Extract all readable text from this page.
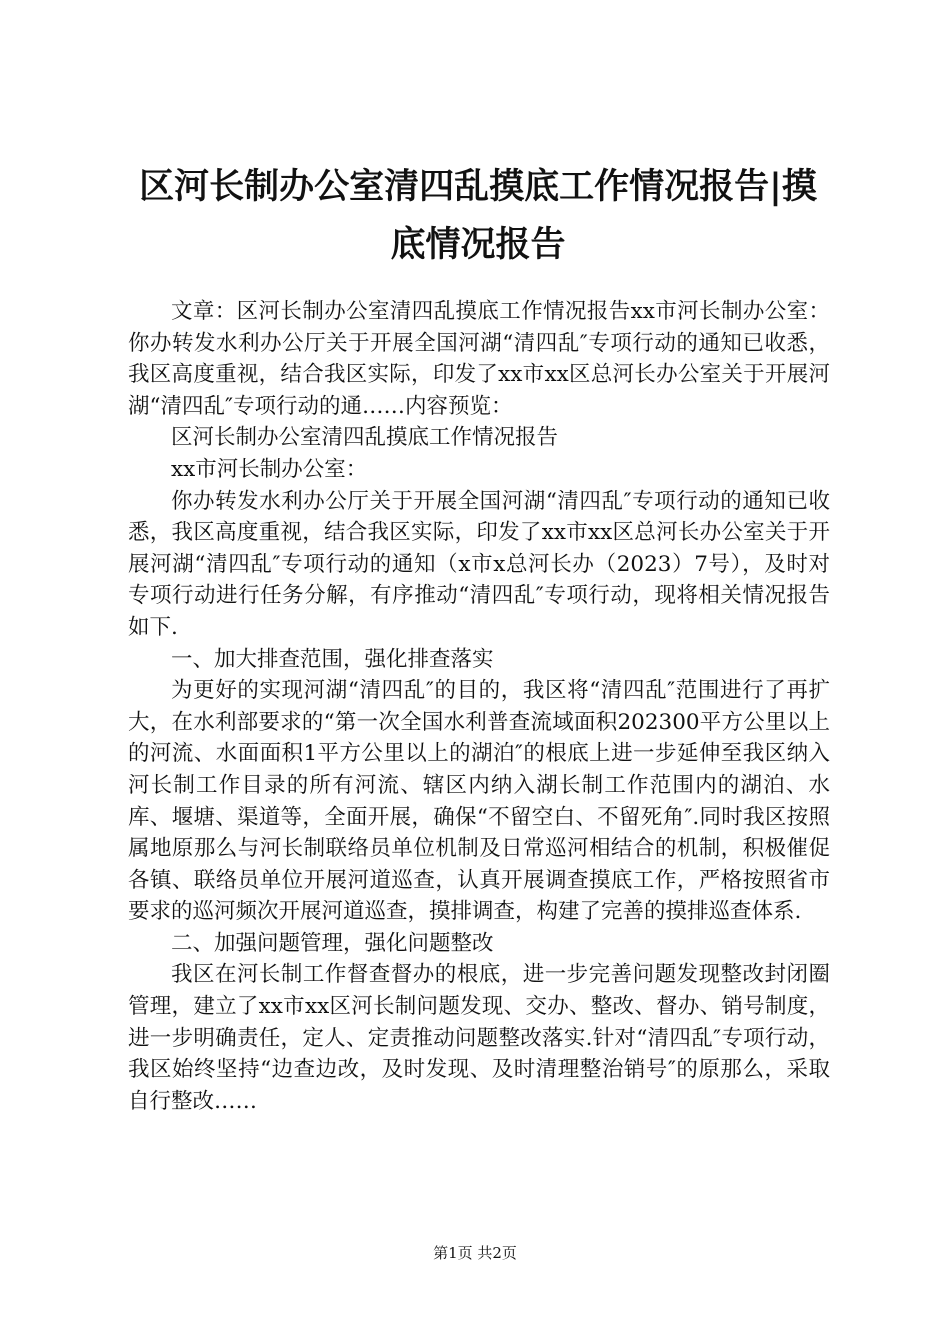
区河长制办公室清四乱摸底工作情况报告|摸底情况报告

文章：区河长制办公室清四乱摸底工作情况报告xx市河长制办公室：你办转发水利办公厅关于开展全国河湖“清四乱″专项行动的通知已收悉，我区高度重视，结合我区实际，印发了xx市xx区总河长办公室关于开展河湖“清四乱″专项行动的通……内容预览：

区河长制办公室清四乱摸底工作情况报告

xx市河长制办公室：

你办转发水利办公厅关于开展全国河湖“清四乱″专项行动的通知已收悉，我区高度重视，结合我区实际，印发了xx市xx区总河长办公室关于开展河湖“清四乱″专项行动的通知（x市x总河长办（2023）7号），及时对专项行动进行任务分解，有序推动“清四乱″专项行动，现将相关情况报告如下.

一、加大排查范围，强化排查落实

为更好的实现河湖“清四乱″的目的，我区将“清四乱″范围进行了再扩大，在水利部要求的“第一次全国水利普查流域面积202300平方公里以上的河流、水面面积1平方公里以上的湖泊″的根底上进一步延伸至我区纳入河长制工作目录的所有河流、辖区内纳入湖长制工作范围内的湖泊、水库、堰塘、渠道等，全面开展，确保“不留空白、不留死角″.同时我区按照属地原那么与河长制联络员单位机制及日常巡河相结合的机制，积极催促各镇、联络员单位开展河道巡查，认真开展调查摸底工作，严格按照省市要求的巡河频次开展河道巡查，摸排调查，构建了完善的摸排巡查体系.

二、加强问题管理，强化问题整改

我区在河长制工作督查督办的根底，进一步完善问题发现整改封闭圈管理，建立了xx市xx区河长制问题发现、交办、整改、督办、销号制度，进一步明确责任，定人、定责推动问题整改落实.针对“清四乱″专项行动，我区始终坚持“边查边改，及时发现、及时清理整治销号″的原那么，采取自行整改……

第1页 共2页
